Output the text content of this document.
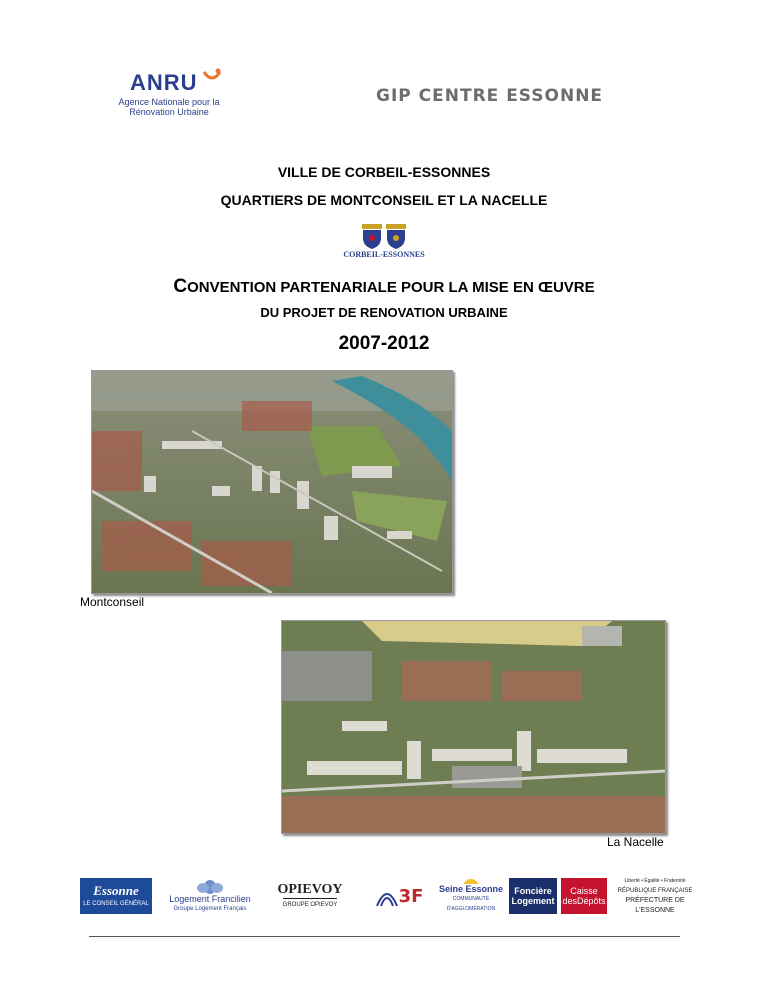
ANRU
Agence Nationale pour la Rénovation Urbaine
GIP CENTRE ESSONNE
VILLE DE CORBEIL-ESSONNES
QUARTIERS DE MONTCONSEIL ET LA NACELLE
CORBEIL-ESSONNES
CONVENTION PARTENARIALE POUR LA MISE EN ŒUVRE
DU PROJET DE RENOVATION URBAINE
2007-2012
Montconseil
La Nacelle
Essonne
LE CONSEIL GÉNÉRAL Logement Francilien
Groupe Logement Français
OPIEVOY
GROUPE OPIEVOY	3F Seine Essonne
COMMUNAUTÉ D'AGGLOMÉRATION
Foncière
Logement
Caisse
desDépôts
Liberté • Égalité • Fraternité
RÉPUBLIQUE FRANÇAISE
PRÉFECTURE DE L'ESSONNE
